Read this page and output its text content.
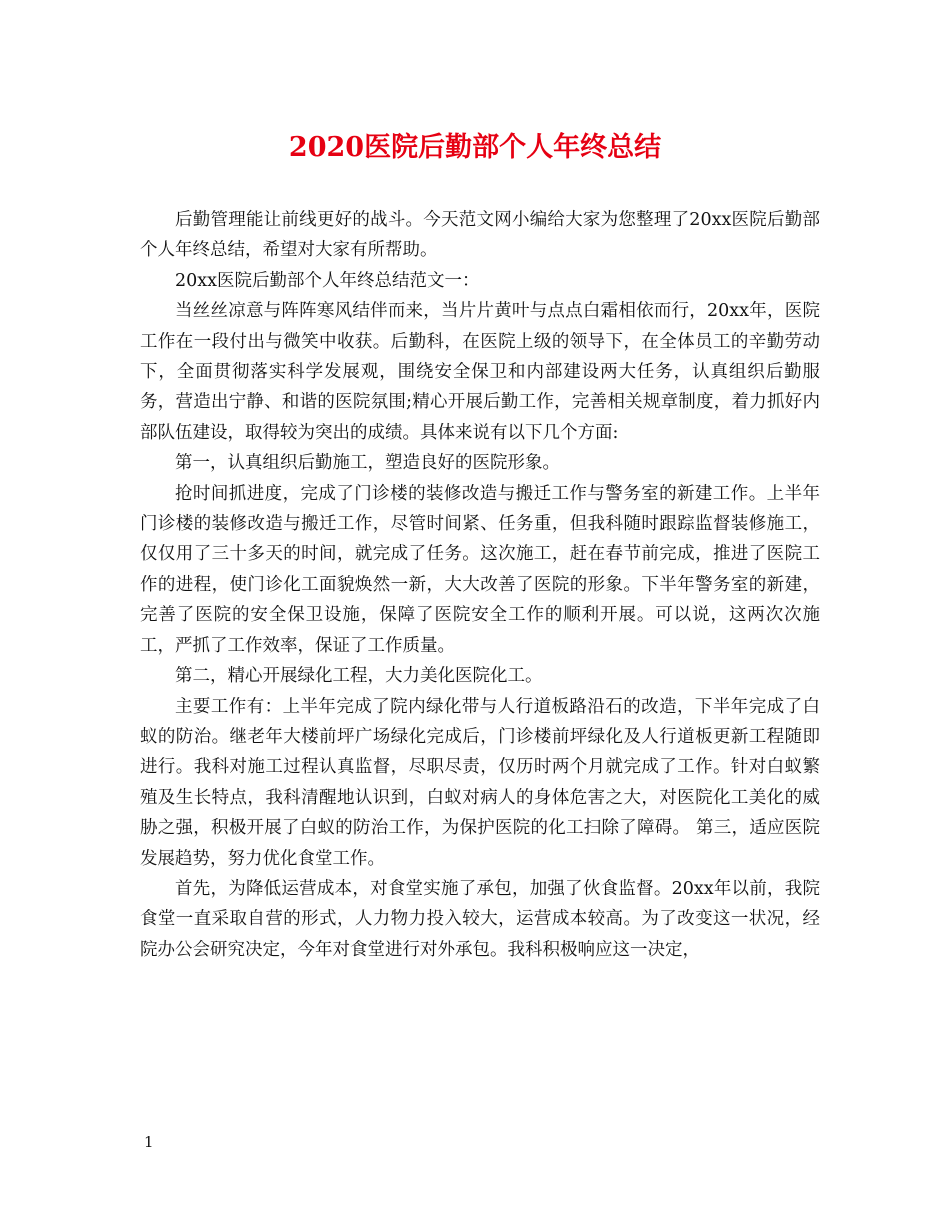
2020医院后勤部个人年终总结

后勤管理能让前线更好的战斗。今天范文网小编给大家为您整理了20xx医院后勤部个人年终总结，希望对大家有所帮助。

20xx医院后勤部个人年终总结范文一：

当丝丝凉意与阵阵寒风结伴而来，当片片黄叶与点点白霜相依而行，20xx年，医院工作在一段付出与微笑中收获。后勤科，在医院上级的领导下，在全体员工的辛勤劳动下，全面贯彻落实科学发展观，围绕安全保卫和内部建设两大任务，认真组织后勤服务，营造出宁静、和谐的医院氛围;精心开展后勤工作，完善相关规章制度，着力抓好内部队伍建设，取得较为突出的成绩。具体来说有以下几个方面:

第一，认真组织后勤施工，塑造良好的医院形象。

抢时间抓进度，完成了门诊楼的装修改造与搬迁工作与警务室的新建工作。上半年门诊楼的装修改造与搬迁工作，尽管时间紧、任务重，但我科随时跟踪监督装修施工，仅仅用了三十多天的时间，就完成了任务。这次施工，赶在春节前完成，推进了医院工作的进程，使门诊化工面貌焕然一新，大大改善了医院的形象。下半年警务室的新建，完善了医院的安全保卫设施，保障了医院安全工作的顺利开展。可以说，这两次次施工，严抓了工作效率，保证了工作质量。

第二，精心开展绿化工程，大力美化医院化工。

主要工作有：上半年完成了院内绿化带与人行道板路沿石的改造，下半年完成了白蚁的防治。继老年大楼前坪广场绿化完成后，门诊楼前坪绿化及人行道板更新工程随即进行。我科对施工过程认真监督，尽职尽责，仅历时两个月就完成了工作。针对白蚁繁殖及生长特点，我科清醒地认识到，白蚁对病人的身体危害之大，对医院化工美化的威胁之强，积极开展了白蚁的防治工作，为保护医院的化工扫除了障碍。 第三，适应医院发展趋势，努力优化食堂工作。

首先，为降低运营成本，对食堂实施了承包，加强了伙食监督。20xx年以前，我院食堂一直采取自营的形式，人力物力投入较大，运营成本较高。为了改变这一状况，经院办公会研究决定，今年对食堂进行对外承包。我科积极响应这一决定，

1
